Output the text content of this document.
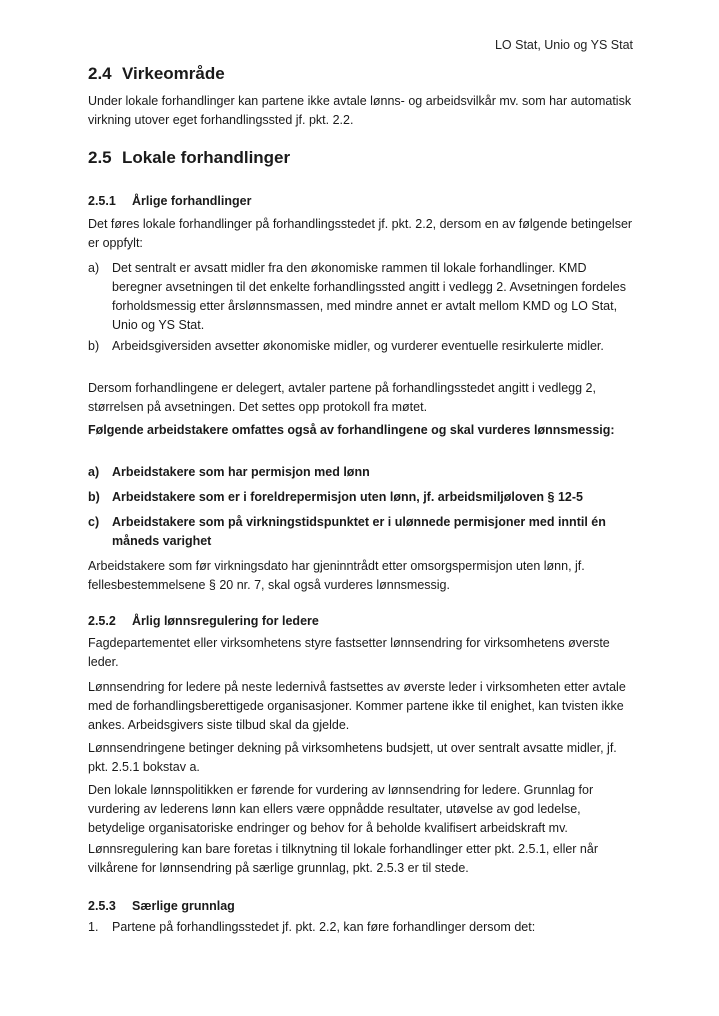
LO Stat, Unio og YS Stat
2.4 Virkeområde

Under lokale forhandlinger kan partene ikke avtale lønns- og arbeidsvilkår mv. som har automatisk virkning utover eget forhandlingssted jf. pkt. 2.2.

2.5 Lokale forhandlinger
2.5.1 Årlige forhandlinger

Det føres lokale forhandlinger på forhandlingsstedet jf. pkt. 2.2, dersom en av følgende betingelser er oppfylt:

a) Det sentralt er avsatt midler fra den økonomiske rammen til lokale forhandlinger. KMD beregner avsetningen til det enkelte forhandlingssted angitt i vedlegg 2. Avsetningen fordeles forholdsmessig etter årslønnsmassen, med mindre annet er avtalt mellom KMD og LO Stat, Unio og YS Stat.
b) Arbeidsgiversiden avsetter økonomiske midler, og vurderer eventuelle resirkulerte midler.

Dersom forhandlingene er delegert, avtaler partene på forhandlingsstedet angitt i vedlegg 2, størrelsen på avsetningen. Det settes opp protokoll fra møtet.

Følgende arbeidstakere omfattes også av forhandlingene og skal vurderes lønnsmessig:

a) Arbeidstakere som har permisjon med lønn
b) Arbeidstakere som er i foreldrepermisjon uten lønn, jf. arbeidsmiljøloven § 12-5
c) Arbeidstakere som på virkningstidspunktet er i ulønnede permisjoner med inntil én måneds varighet

Arbeidstakere som før virkningsdato har gjeninntrådt etter omsorgspermisjon uten lønn, jf. fellesbestemmelsene § 20 nr. 7, skal også vurderes lønnsmessig.

2.5.2 Årlig lønnsregulering for ledere

Fagdepartementet eller virksomhetens styre fastsetter lønnsendring for virksomhetens øverste leder.

Lønnsendring for ledere på neste ledernivå fastsettes av øverste leder i virksomheten etter avtale med de forhandlingsberettigede organisasjoner. Kommer partene ikke til enighet, kan tvisten ikke ankes. Arbeidsgivers siste tilbud skal da gjelde.

Lønnsendringene betinger dekning på virksomhetens budsjett, ut over sentralt avsatte midler, jf. pkt. 2.5.1 bokstav a.

Den lokale lønnspolitikken er førende for vurdering av lønnsendring for ledere. Grunnlag for vurdering av lederens lønn kan ellers være oppnådde resultater, utøvelse av god ledelse, betydelige organisatoriske endringer og behov for å beholde kvalifisert arbeidskraft mv.

Lønnsregulering kan bare foretas i tilknytning til lokale forhandlinger etter pkt. 2.5.1, eller når vilkårene for lønnsendring på særlige grunnlag, pkt. 2.5.3 er til stede.

2.5.3 Særlige grunnlag
1. Partene på forhandlingsstedet jf. pkt. 2.2, kan føre forhandlinger dersom det:
